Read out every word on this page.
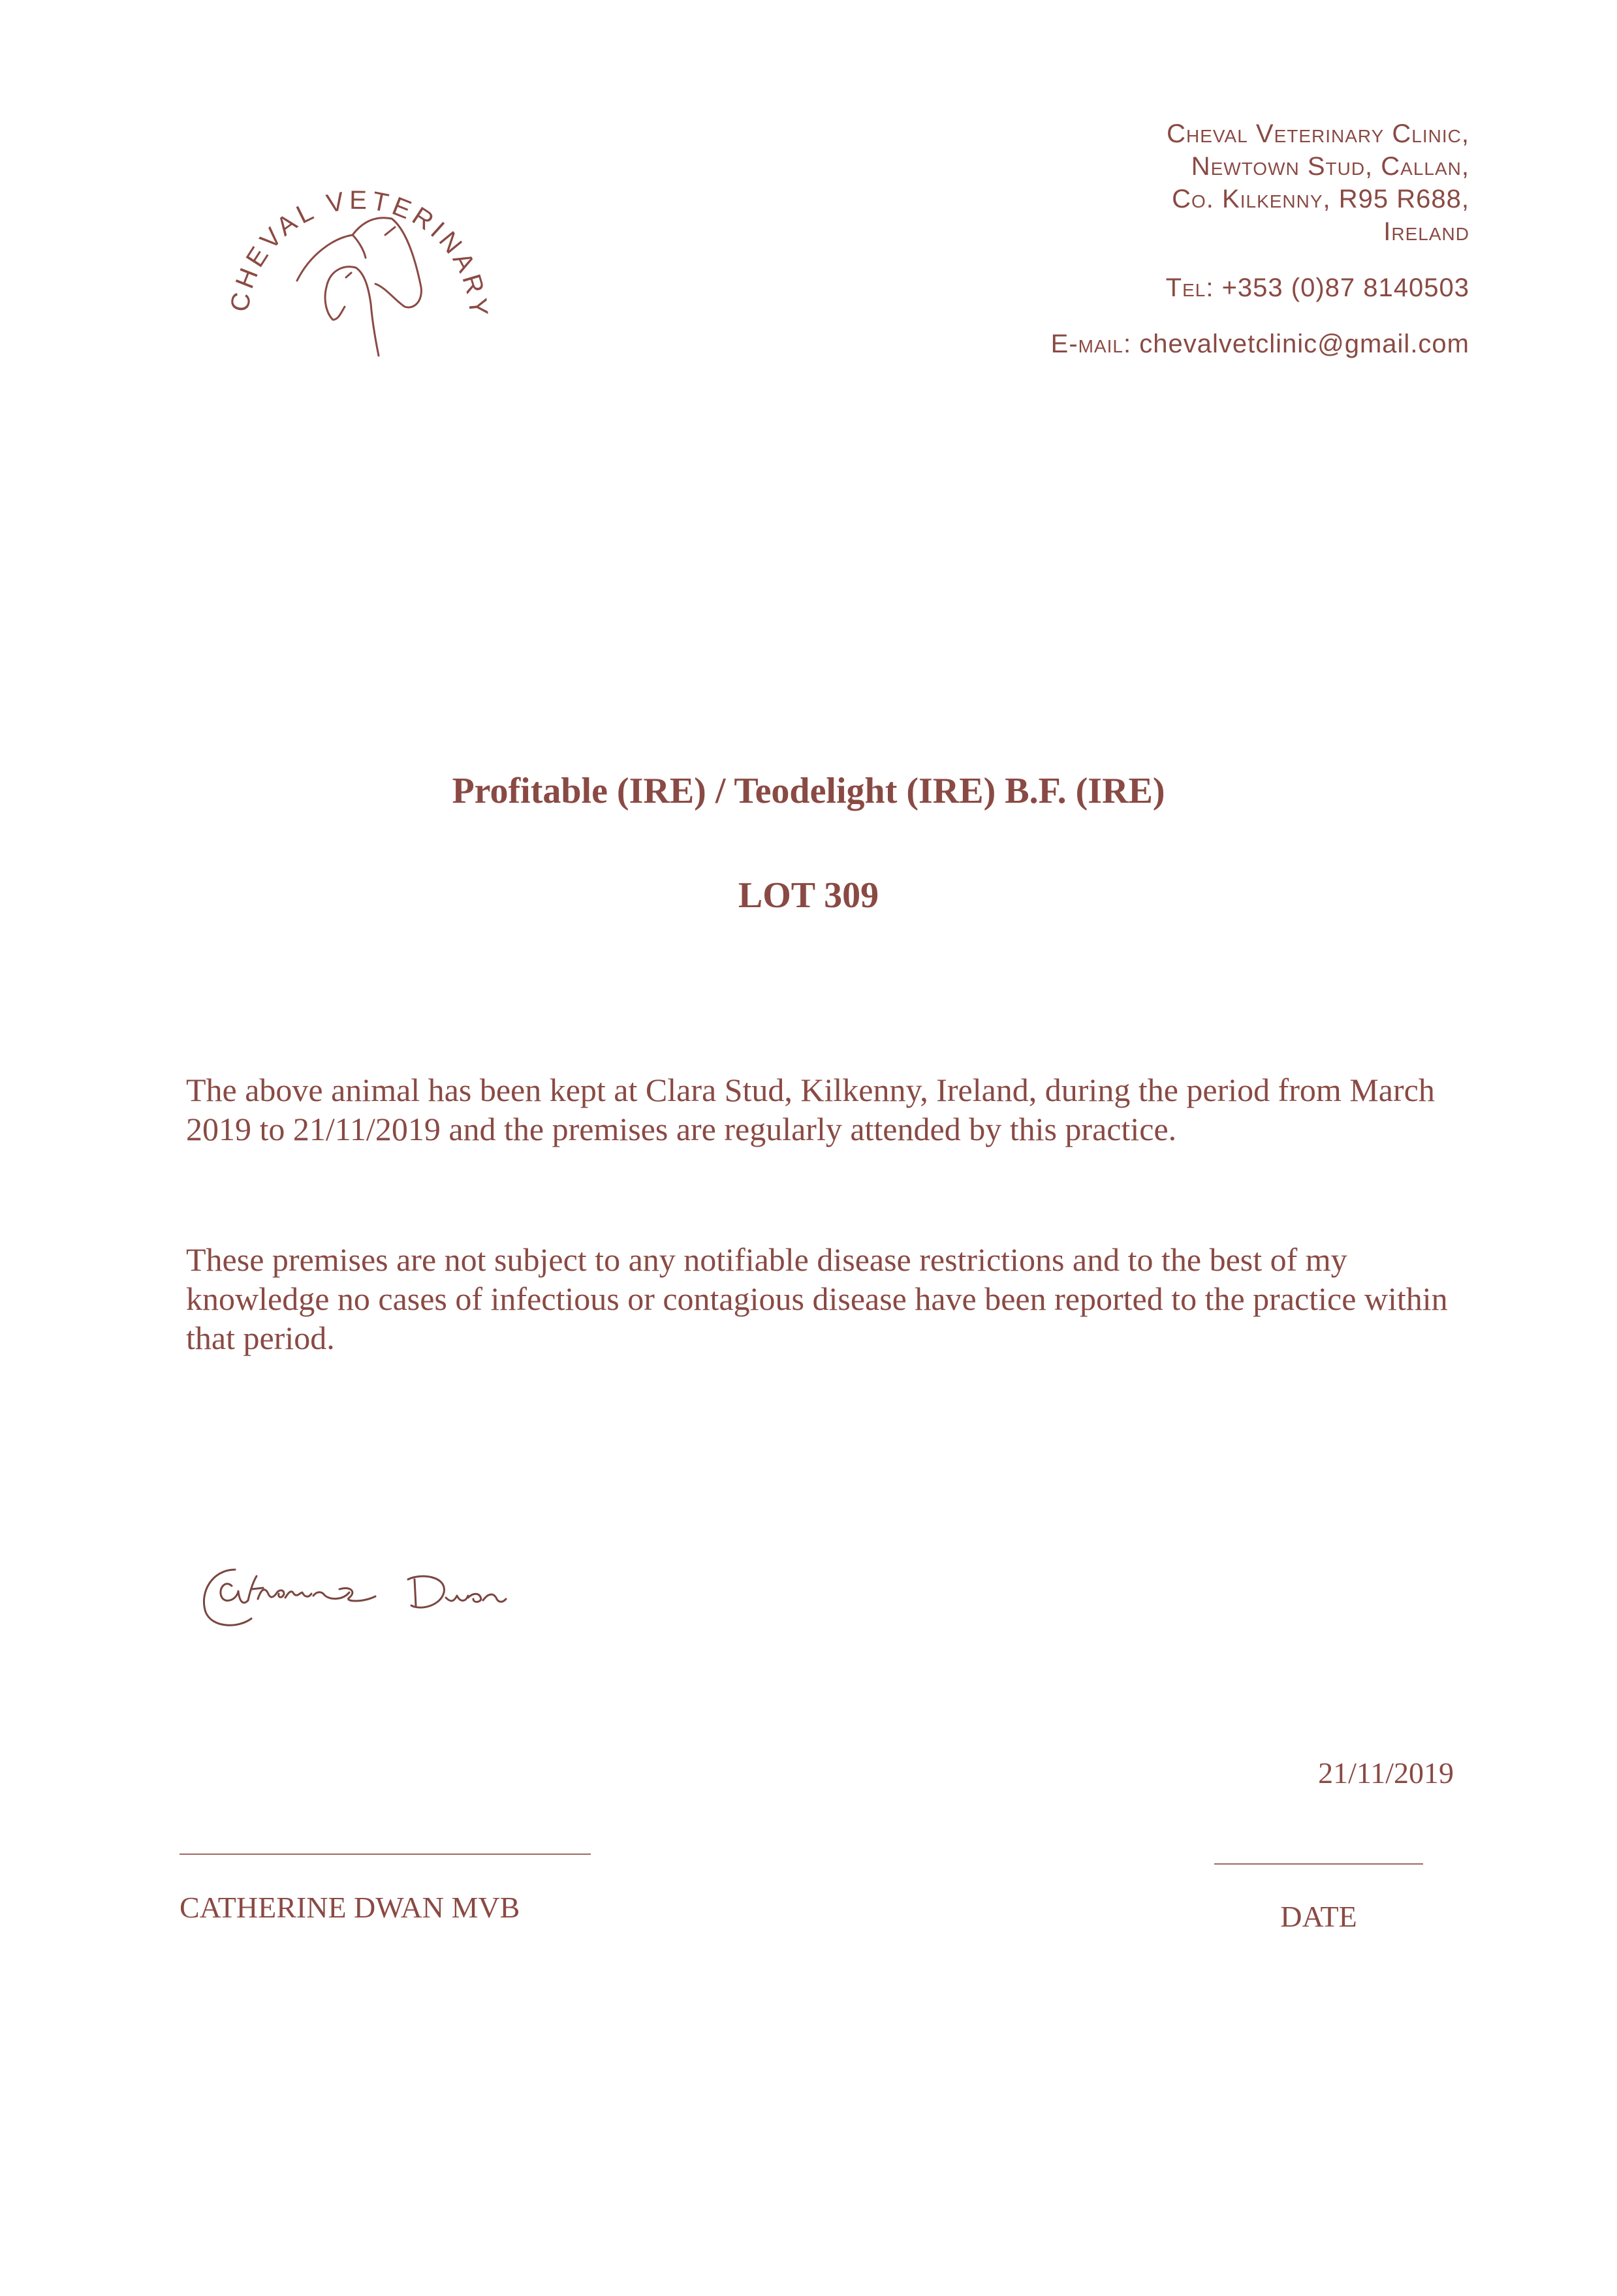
CHEVAL VETERINARY
Cheval Veterinary Clinic,
Newtown Stud, Callan,
Co. Kilkenny, R95 R688,
Ireland
Tel: +353 (0)87 8140503
E-mail: chevalvetclinic@gmail.com
Profitable (IRE) / Teodelight (IRE) B.F. (IRE)
LOT 309
The above animal has been kept at Clara Stud, Kilkenny, Ireland, during the period from March 2019 to 21/11/2019 and the premises are regularly attended by this practice.
These premises are not subject to any notifiable disease restrictions and to the best of my knowledge no cases of infectious or contagious disease have been reported to the practice within that period.
21/11/2019
CATHERINE DWAN MVB	DATE
